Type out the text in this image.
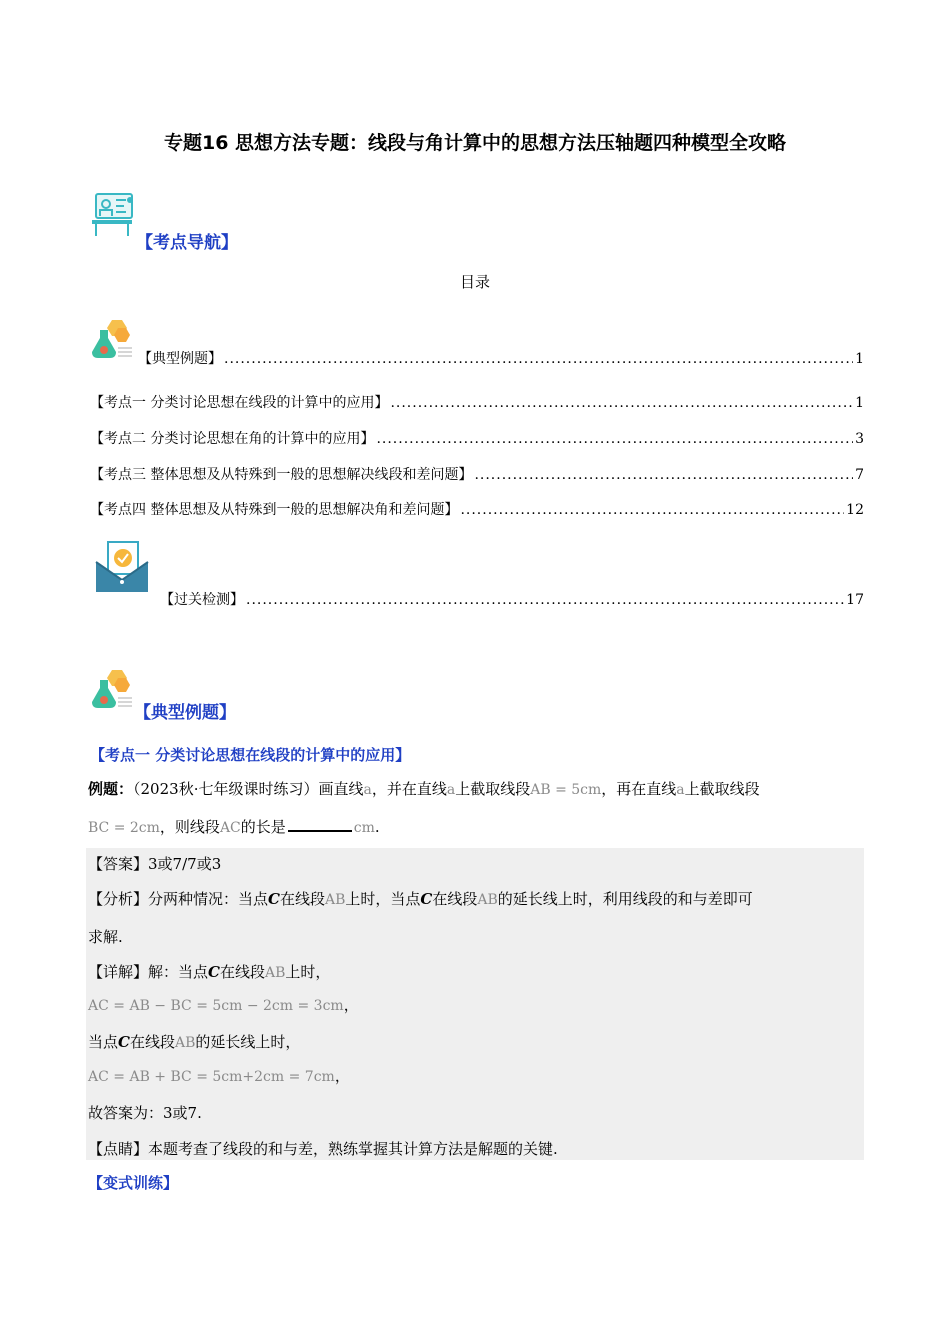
专题16 思想方法专题：线段与角计算中的思想方法压轴题四种模型全攻略
【考点导航】
目录
【典型例题】 .....	1
【考点一 分类讨论思想在线段的计算中的应用】 .....	1
【考点二 分类讨论思想在角的计算中的应用】 .....	3
【考点三 整体思想及从特殊到一般的思想解决线段和差问题】 .....	7
【考点四 整体思想及从特殊到一般的思想解决角和差问题】 .....	12
【过关检测】 .....	17
【典型例题】
【考点一 分类讨论思想在线段的计算中的应用】
例题：（2023秋·七年级课时练习）画直线a，并在直线a上截取线段AB = 5cm，再在直线a上截取线段
BC = 2cm，则线段AC的长是	cm.
【答案】3或7/7或3
【分析】分两种情况：当点C在线段AB上时，当点C在线段AB的延长线上时，利用线段的和与差即可
求解.
【详解】解：当点C在线段AB上时，
AC = AB − BC = 5cm − 2cm = 3cm，
当点C在线段AB的延长线上时，
AC = AB + BC = 5cm+2cm = 7cm，
故答案为：3或7.
【点睛】本题考查了线段的和与差，熟练掌握其计算方法是解题的关键.
【变式训练】
